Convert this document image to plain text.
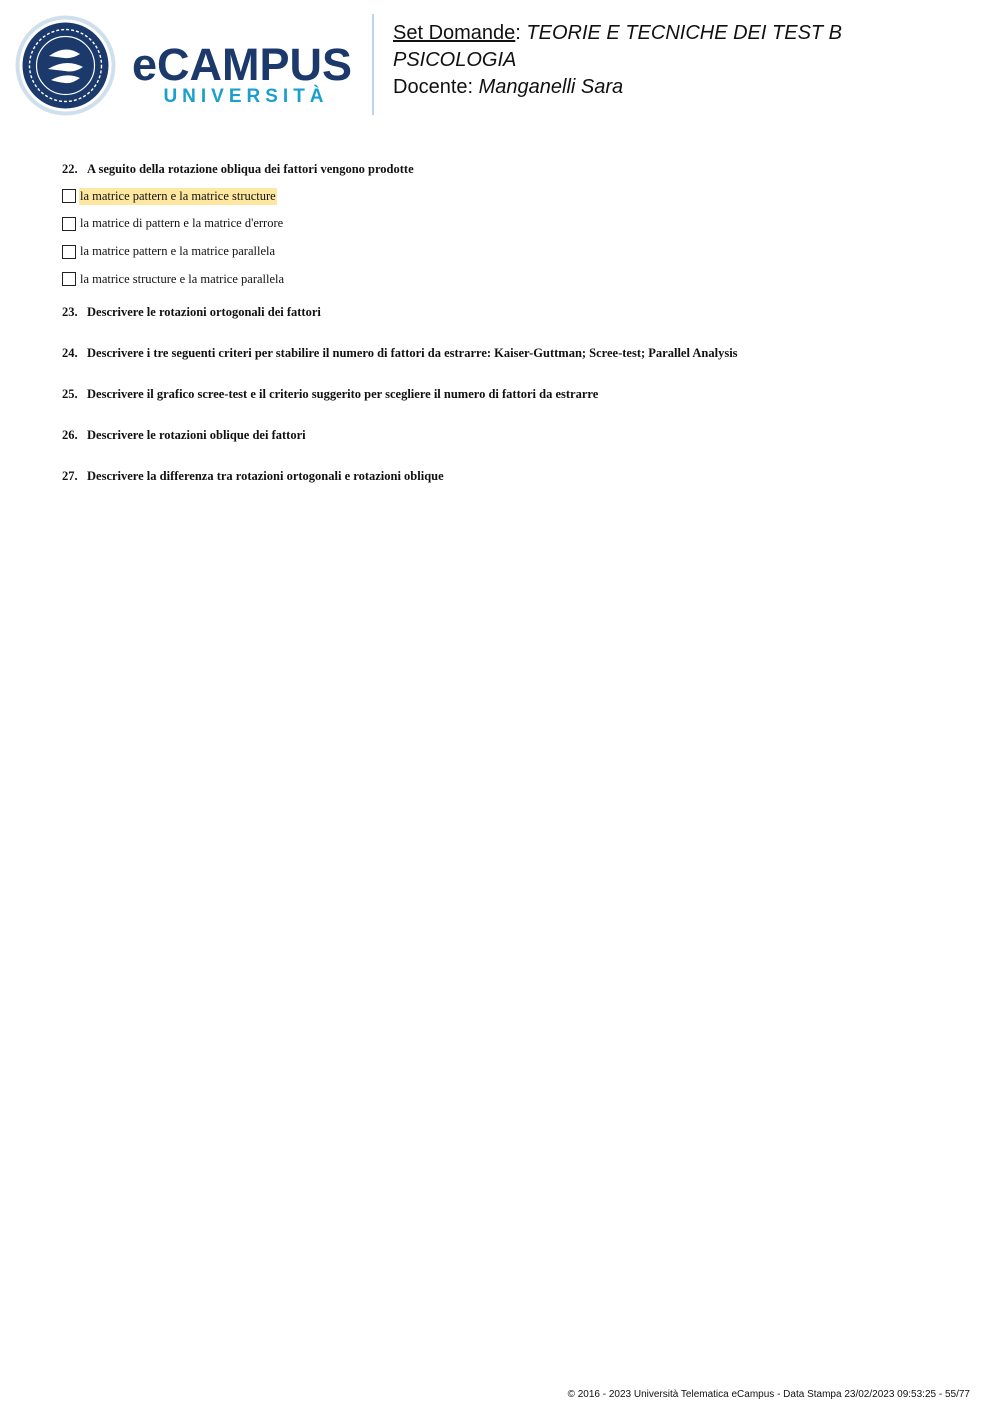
eCAMPUS
UNIVERSITÀ
Set Domande: TEORIE E TECNICHE DEI TEST B
PSICOLOGIA
Docente: Manganelli Sara
22. A seguito della rotazione obliqua dei fattori vengono prodotte
la matrice pattern e la matrice structure
la matrice di pattern e la matrice d'errore
la matrice pattern e la matrice parallela
la matrice structure e la matrice parallela
23. Descrivere le rotazioni ortogonali dei fattori
24. Descrivere i tre seguenti criteri per stabilire il numero di fattori da estrarre: Kaiser-Guttman; Scree-test; Parallel Analysis
25. Descrivere il grafico scree-test e il criterio suggerito per scegliere il numero di fattori da estrarre
26. Descrivere le rotazioni oblique dei fattori
27. Descrivere la differenza tra rotazioni ortogonali e rotazioni oblique
© 2016 - 2023 Università Telematica eCampus - Data Stampa 23/02/2023 09:53:25 - 55/77
